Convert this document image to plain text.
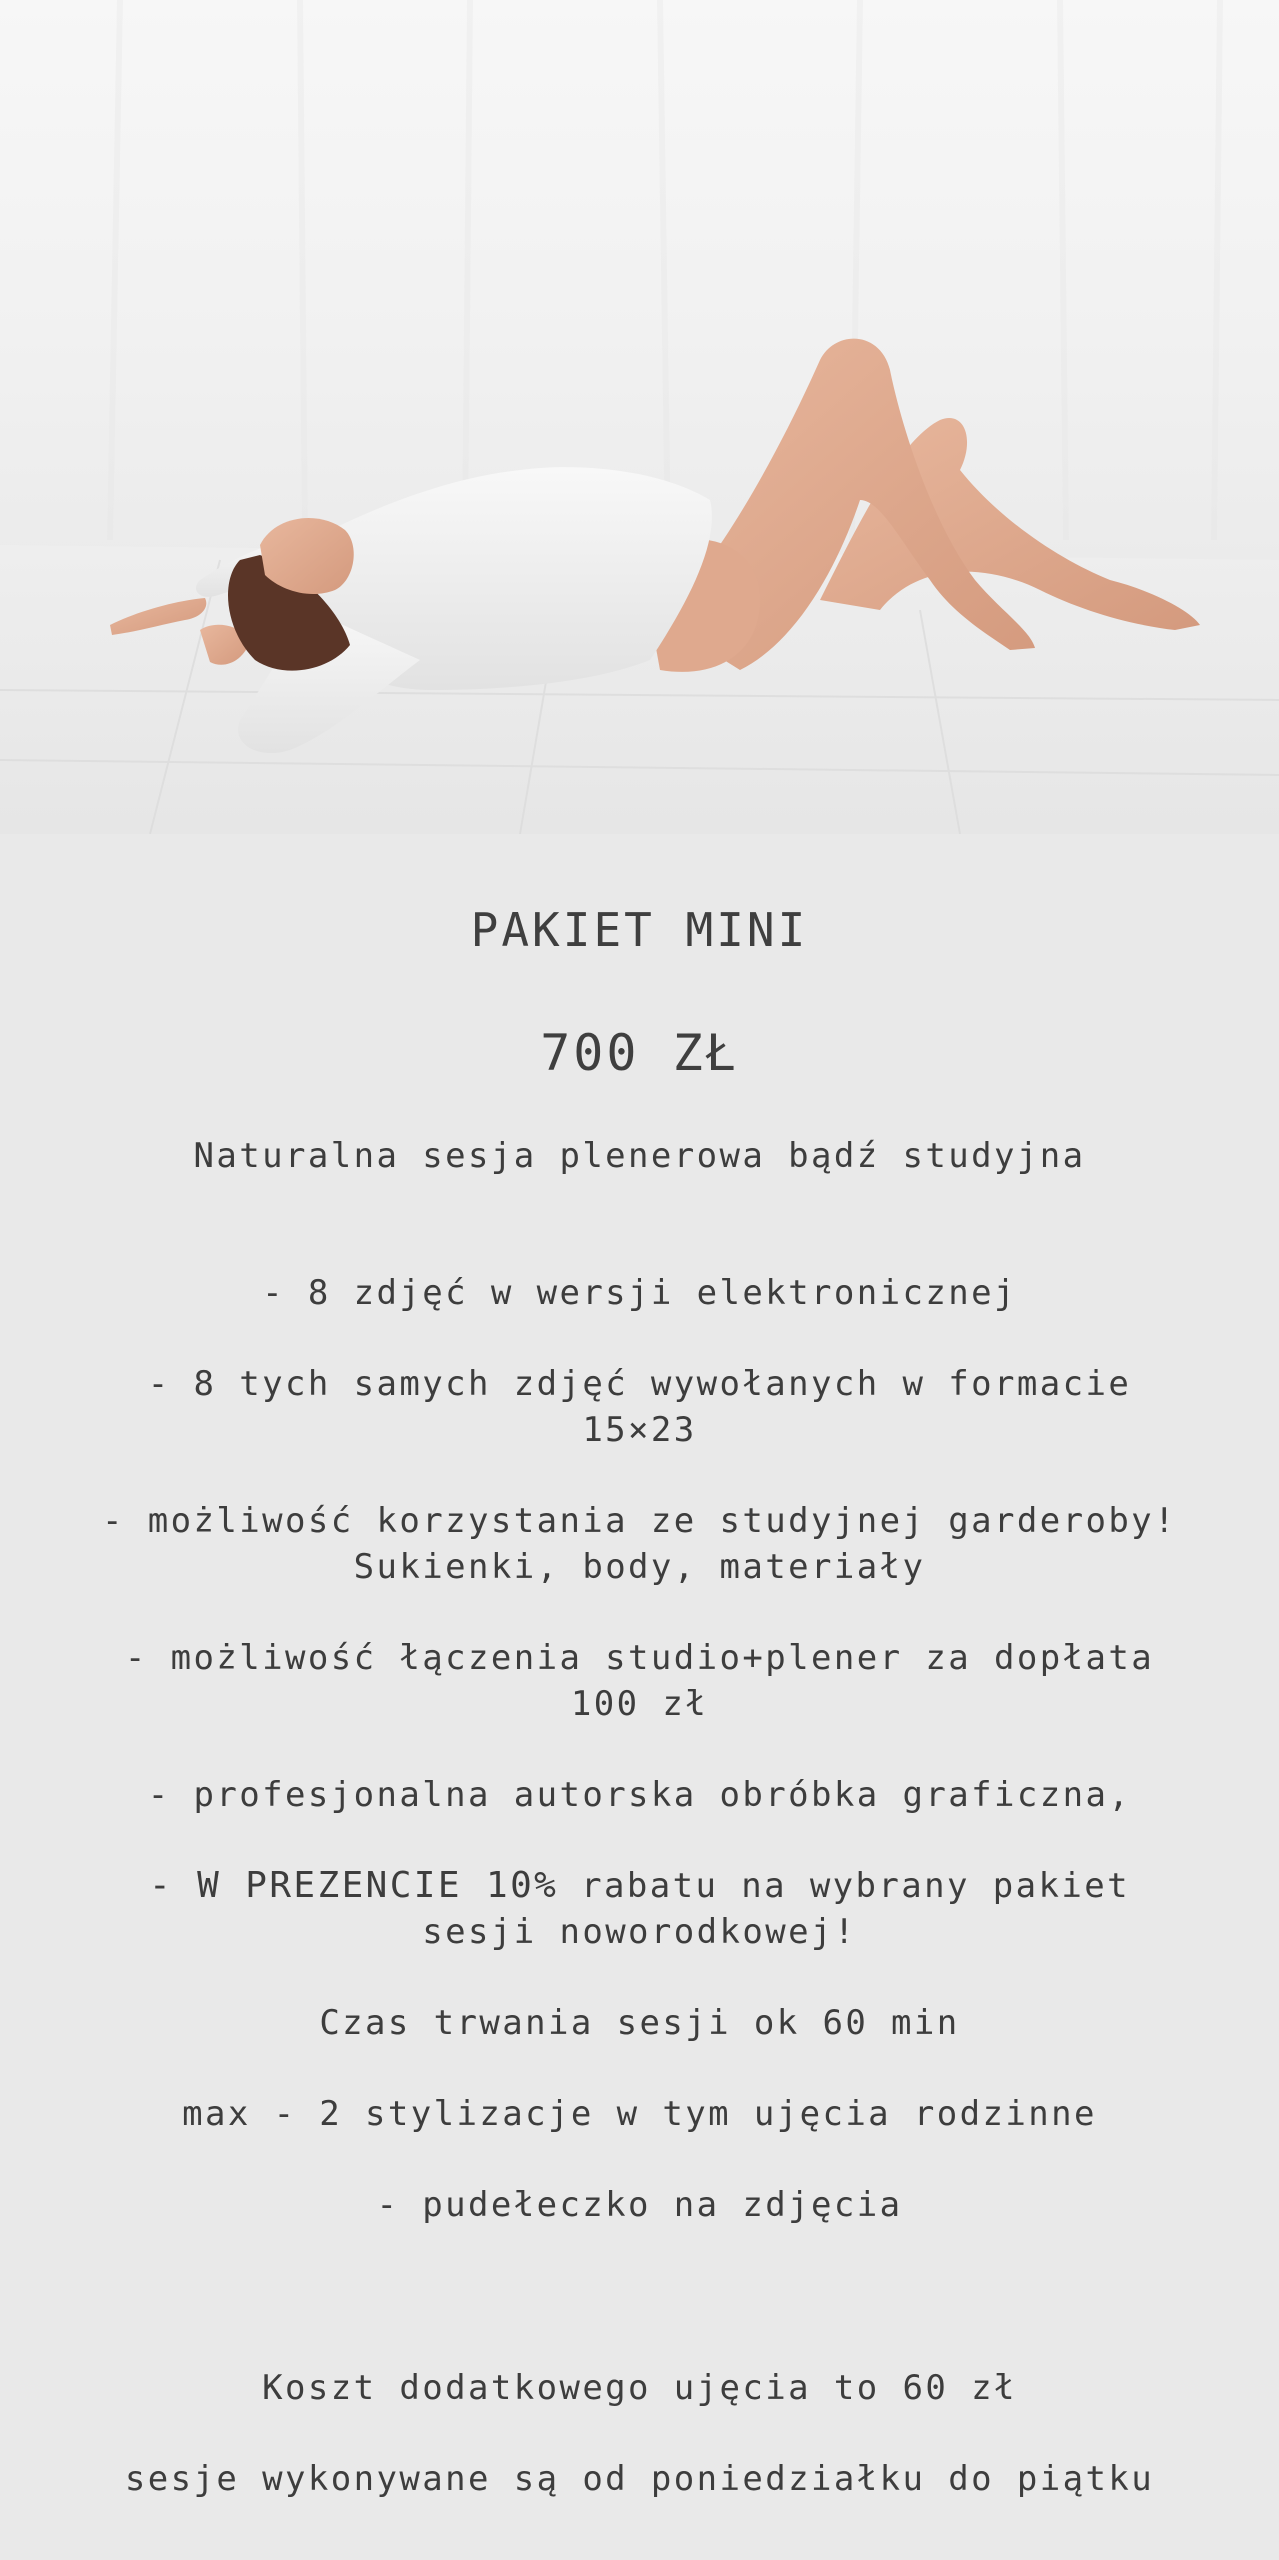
PAKIET MINI
700 ZŁ
Naturalna sesja plenerowa bądź studyjna
- 8 zdjęć w wersji elektronicznej
- 8 tych samych zdjęć wywołanych w formacie
15×23
- możliwość korzystania ze studyjnej garderoby!
Sukienki, body, materiały
- możliwość łączenia studio+plener za dopłata
100 zł
- profesjonalna autorska obróbka graficzna,
- W PREZENCIE 10% rabatu na wybrany pakiet
sesji noworodkowej!
Czas trwania sesji ok 60 min
max - 2 stylizacje w tym ujęcia rodzinne
- pudełeczko na zdjęcia
Koszt dodatkowego ujęcia to 60 zł
sesje wykonywane są od poniedziałku do piątku
